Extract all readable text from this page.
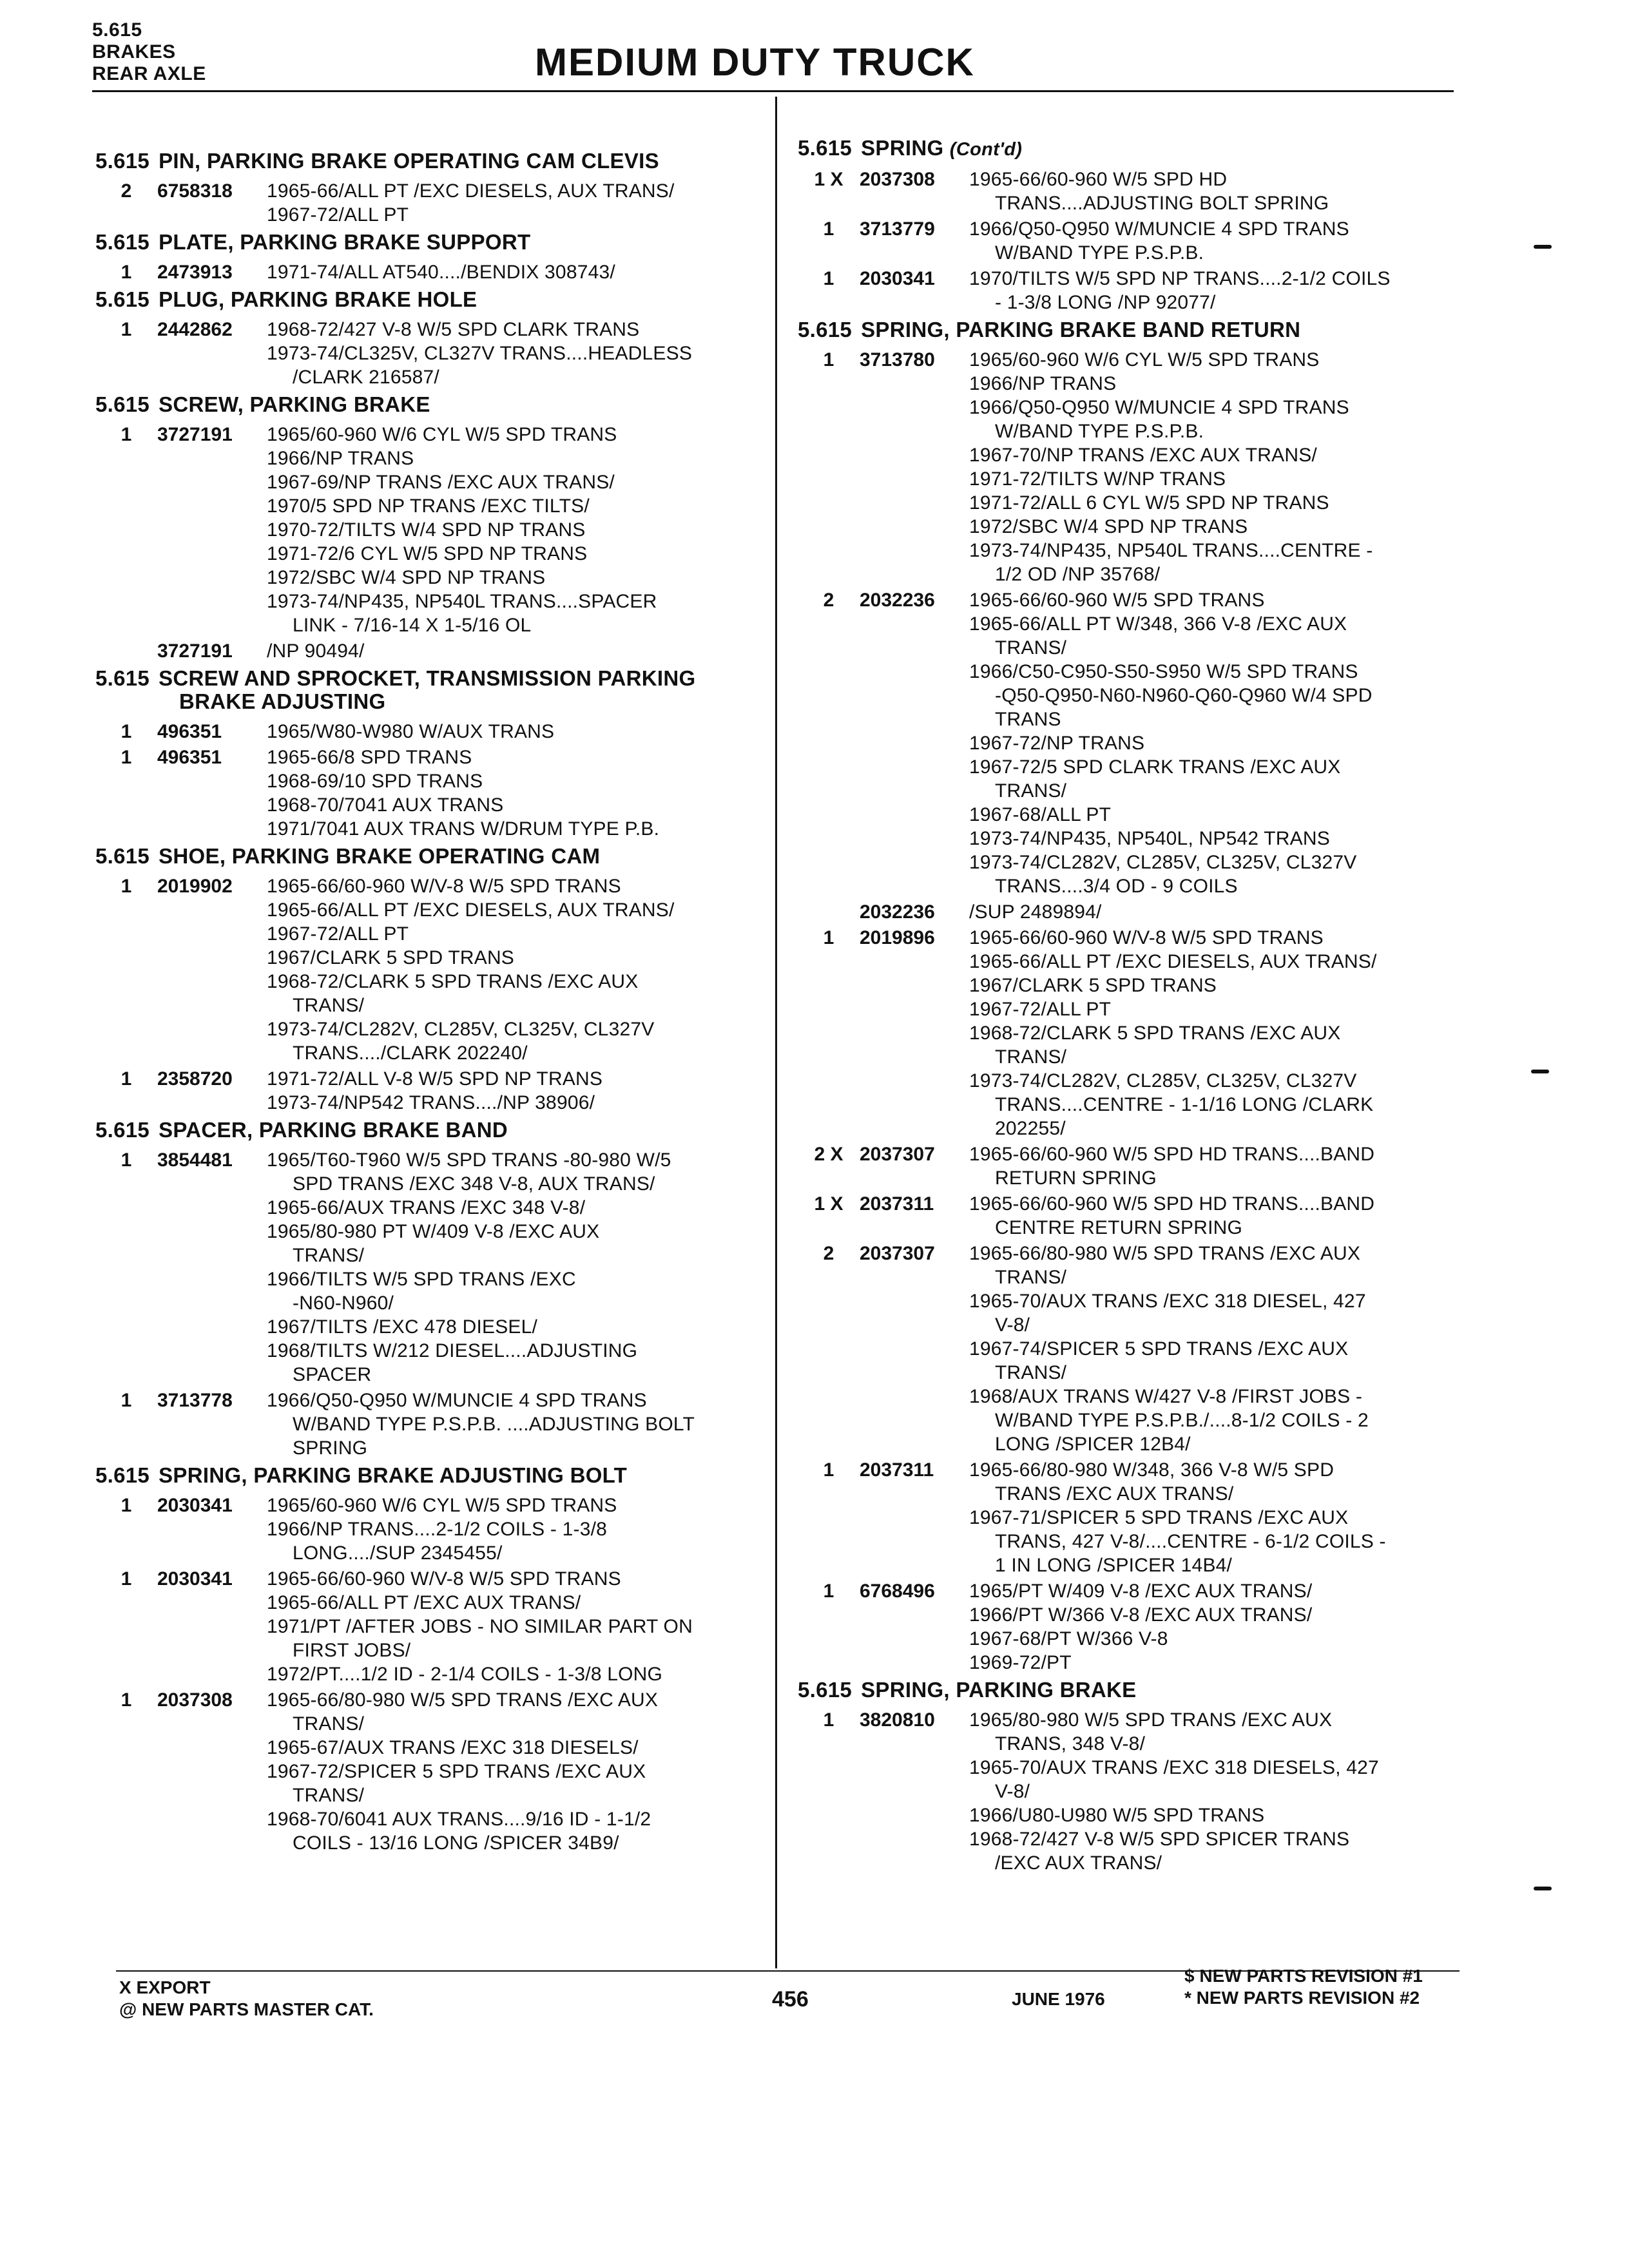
5.615
BRAKES
REAR AXLE	MEDIUM DUTY TRUCK
5.615 PIN, PARKING BRAKE OPERATING CAM CLEVIS
2	6758318	1965-66/ALL PT /EXC DIESELS, AUX TRANS/
1967-72/ALL PT
5.615 PLATE, PARKING BRAKE SUPPORT
1	2473913	1971-74/ALL AT540..../BENDIX 308743/
5.615 PLUG, PARKING BRAKE HOLE
1	2442862	1968-72/427 V-8 W/5 SPD CLARK TRANS
1973-74/CL325V, CL327V TRANS....HEADLESS
/CLARK 216587/
5.615 SCREW, PARKING BRAKE
1	3727191	1965/60-960 W/6 CYL W/5 SPD TRANS
1966/NP TRANS
1967-69/NP TRANS /EXC AUX TRANS/
1970/5 SPD NP TRANS /EXC TILTS/
1970-72/TILTS W/4 SPD NP TRANS
1971-72/6 CYL W/5 SPD NP TRANS
1972/SBC W/4 SPD NP TRANS
1973-74/NP435, NP540L TRANS....SPACER
LINK - 7/16-14 X 1-5/16 OL
3727191	/NP 90494/
5.615 SCREW AND SPROCKET, TRANSMISSION PARKING
BRAKE ADJUSTING
1	496351	1965/W80-W980 W/AUX TRANS
1	496351	1965-66/8 SPD TRANS
1968-69/10 SPD TRANS
1968-70/7041 AUX TRANS
1971/7041 AUX TRANS W/DRUM TYPE P.B.
5.615 SHOE, PARKING BRAKE OPERATING CAM
1	2019902	1965-66/60-960 W/V-8 W/5 SPD TRANS
1965-66/ALL PT /EXC DIESELS, AUX TRANS/
1967-72/ALL PT
1967/CLARK 5 SPD TRANS
1968-72/CLARK 5 SPD TRANS /EXC AUX
TRANS/
1973-74/CL282V, CL285V, CL325V, CL327V
TRANS..../CLARK 202240/
1	2358720	1971-72/ALL V-8 W/5 SPD NP TRANS
1973-74/NP542 TRANS..../NP 38906/
5.615 SPACER, PARKING BRAKE BAND
1	3854481	1965/T60-T960 W/5 SPD TRANS -80-980 W/5
SPD TRANS /EXC 348 V-8, AUX TRANS/
1965-66/AUX TRANS /EXC 348 V-8/
1965/80-980 PT W/409 V-8 /EXC AUX
TRANS/
1966/TILTS W/5 SPD TRANS /EXC
-N60-N960/
1967/TILTS /EXC 478 DIESEL/
1968/TILTS W/212 DIESEL....ADJUSTING
SPACER
1	3713778	1966/Q50-Q950 W/MUNCIE 4 SPD TRANS
W/BAND TYPE P.S.P.B. ....ADJUSTING BOLT
SPRING
5.615 SPRING, PARKING BRAKE ADJUSTING BOLT
1	2030341	1965/60-960 W/6 CYL W/5 SPD TRANS
1966/NP TRANS....2-1/2 COILS - 1-3/8
LONG..../SUP 2345455/
1	2030341	1965-66/60-960 W/V-8 W/5 SPD TRANS
1965-66/ALL PT /EXC AUX TRANS/
1971/PT /AFTER JOBS - NO SIMILAR PART ON
FIRST JOBS/
1972/PT....1/2 ID - 2-1/4 COILS - 1-3/8 LONG
1	2037308	1965-66/80-980 W/5 SPD TRANS /EXC AUX
TRANS/
1965-67/AUX TRANS /EXC 318 DIESELS/
1967-72/SPICER 5 SPD TRANS /EXC AUX
TRANS/
1968-70/6041 AUX TRANS....9/16 ID - 1-1/2
COILS - 13/16 LONG /SPICER 34B9/
5.615 SPRING (Cont'd)
1 X 2037308	1965-66/60-960 W/5 SPD HD
TRANS....ADJUSTING BOLT SPRING
1	3713779	1966/Q50-Q950 W/MUNCIE 4 SPD TRANS
W/BAND TYPE P.S.P.B.
1	2030341	1970/TILTS W/5 SPD NP TRANS....2-1/2 COILS
- 1-3/8 LONG /NP 92077/
5.615 SPRING, PARKING BRAKE BAND RETURN
1	3713780	1965/60-960 W/6 CYL W/5 SPD TRANS
1966/NP TRANS
1966/Q50-Q950 W/MUNCIE 4 SPD TRANS
W/BAND TYPE P.S.P.B.
1967-70/NP TRANS /EXC AUX TRANS/
1971-72/TILTS W/NP TRANS
1971-72/ALL 6 CYL W/5 SPD NP TRANS
1972/SBC W/4 SPD NP TRANS
1973-74/NP435, NP540L TRANS....CENTRE -
1/2 OD /NP 35768/
2	2032236	1965-66/60-960 W/5 SPD TRANS
1965-66/ALL PT W/348, 366 V-8 /EXC AUX
TRANS/
1966/C50-C950-S50-S950 W/5 SPD TRANS
-Q50-Q950-N60-N960-Q60-Q960 W/4 SPD
TRANS
1967-72/NP TRANS
1967-72/5 SPD CLARK TRANS /EXC AUX
TRANS/
1967-68/ALL PT
1973-74/NP435, NP540L, NP542 TRANS
1973-74/CL282V, CL285V, CL325V, CL327V
TRANS....3/4 OD - 9 COILS
2032236	/SUP 2489894/
1	2019896	1965-66/60-960 W/V-8 W/5 SPD TRANS
1965-66/ALL PT /EXC DIESELS, AUX TRANS/
1967/CLARK 5 SPD TRANS
1967-72/ALL PT
1968-72/CLARK 5 SPD TRANS /EXC AUX
TRANS/
1973-74/CL282V, CL285V, CL325V, CL327V
TRANS....CENTRE - 1-1/16 LONG /CLARK
202255/
2 X 2037307	1965-66/60-960 W/5 SPD HD TRANS....BAND
RETURN SPRING
1 X 2037311	1965-66/60-960 W/5 SPD HD TRANS....BAND
CENTRE RETURN SPRING
2	2037307	1965-66/80-980 W/5 SPD TRANS /EXC AUX
TRANS/
1965-70/AUX TRANS /EXC 318 DIESEL, 427
V-8/
1967-74/SPICER 5 SPD TRANS /EXC AUX
TRANS/
1968/AUX TRANS W/427 V-8 /FIRST JOBS -
W/BAND TYPE P.S.P.B./....8-1/2 COILS - 2
LONG /SPICER 12B4/
1	2037311	1965-66/80-980 W/348, 366 V-8 W/5 SPD
TRANS /EXC AUX TRANS/
1967-71/SPICER 5 SPD TRANS /EXC AUX
TRANS, 427 V-8/....CENTRE - 6-1/2 COILS -
1 IN LONG /SPICER 14B4/
1	6768496	1965/PT W/409 V-8 /EXC AUX TRANS/
1966/PT W/366 V-8 /EXC AUX TRANS/
1967-68/PT W/366 V-8
1969-72/PT
5.615 SPRING, PARKING BRAKE
1	3820810	1965/80-980 W/5 SPD TRANS /EXC AUX
TRANS, 348 V-8/
1965-70/AUX TRANS /EXC 318 DIESELS, 427
V-8/
1966/U80-U980 W/5 SPD TRANS
1968-72/427 V-8 W/5 SPD SPICER TRANS
/EXC AUX TRANS/
X EXPORT
@ NEW PARTS MASTER CAT.	456	JUNE 1976
$ NEW PARTS REVISION #1
* NEW PARTS REVISION #2
